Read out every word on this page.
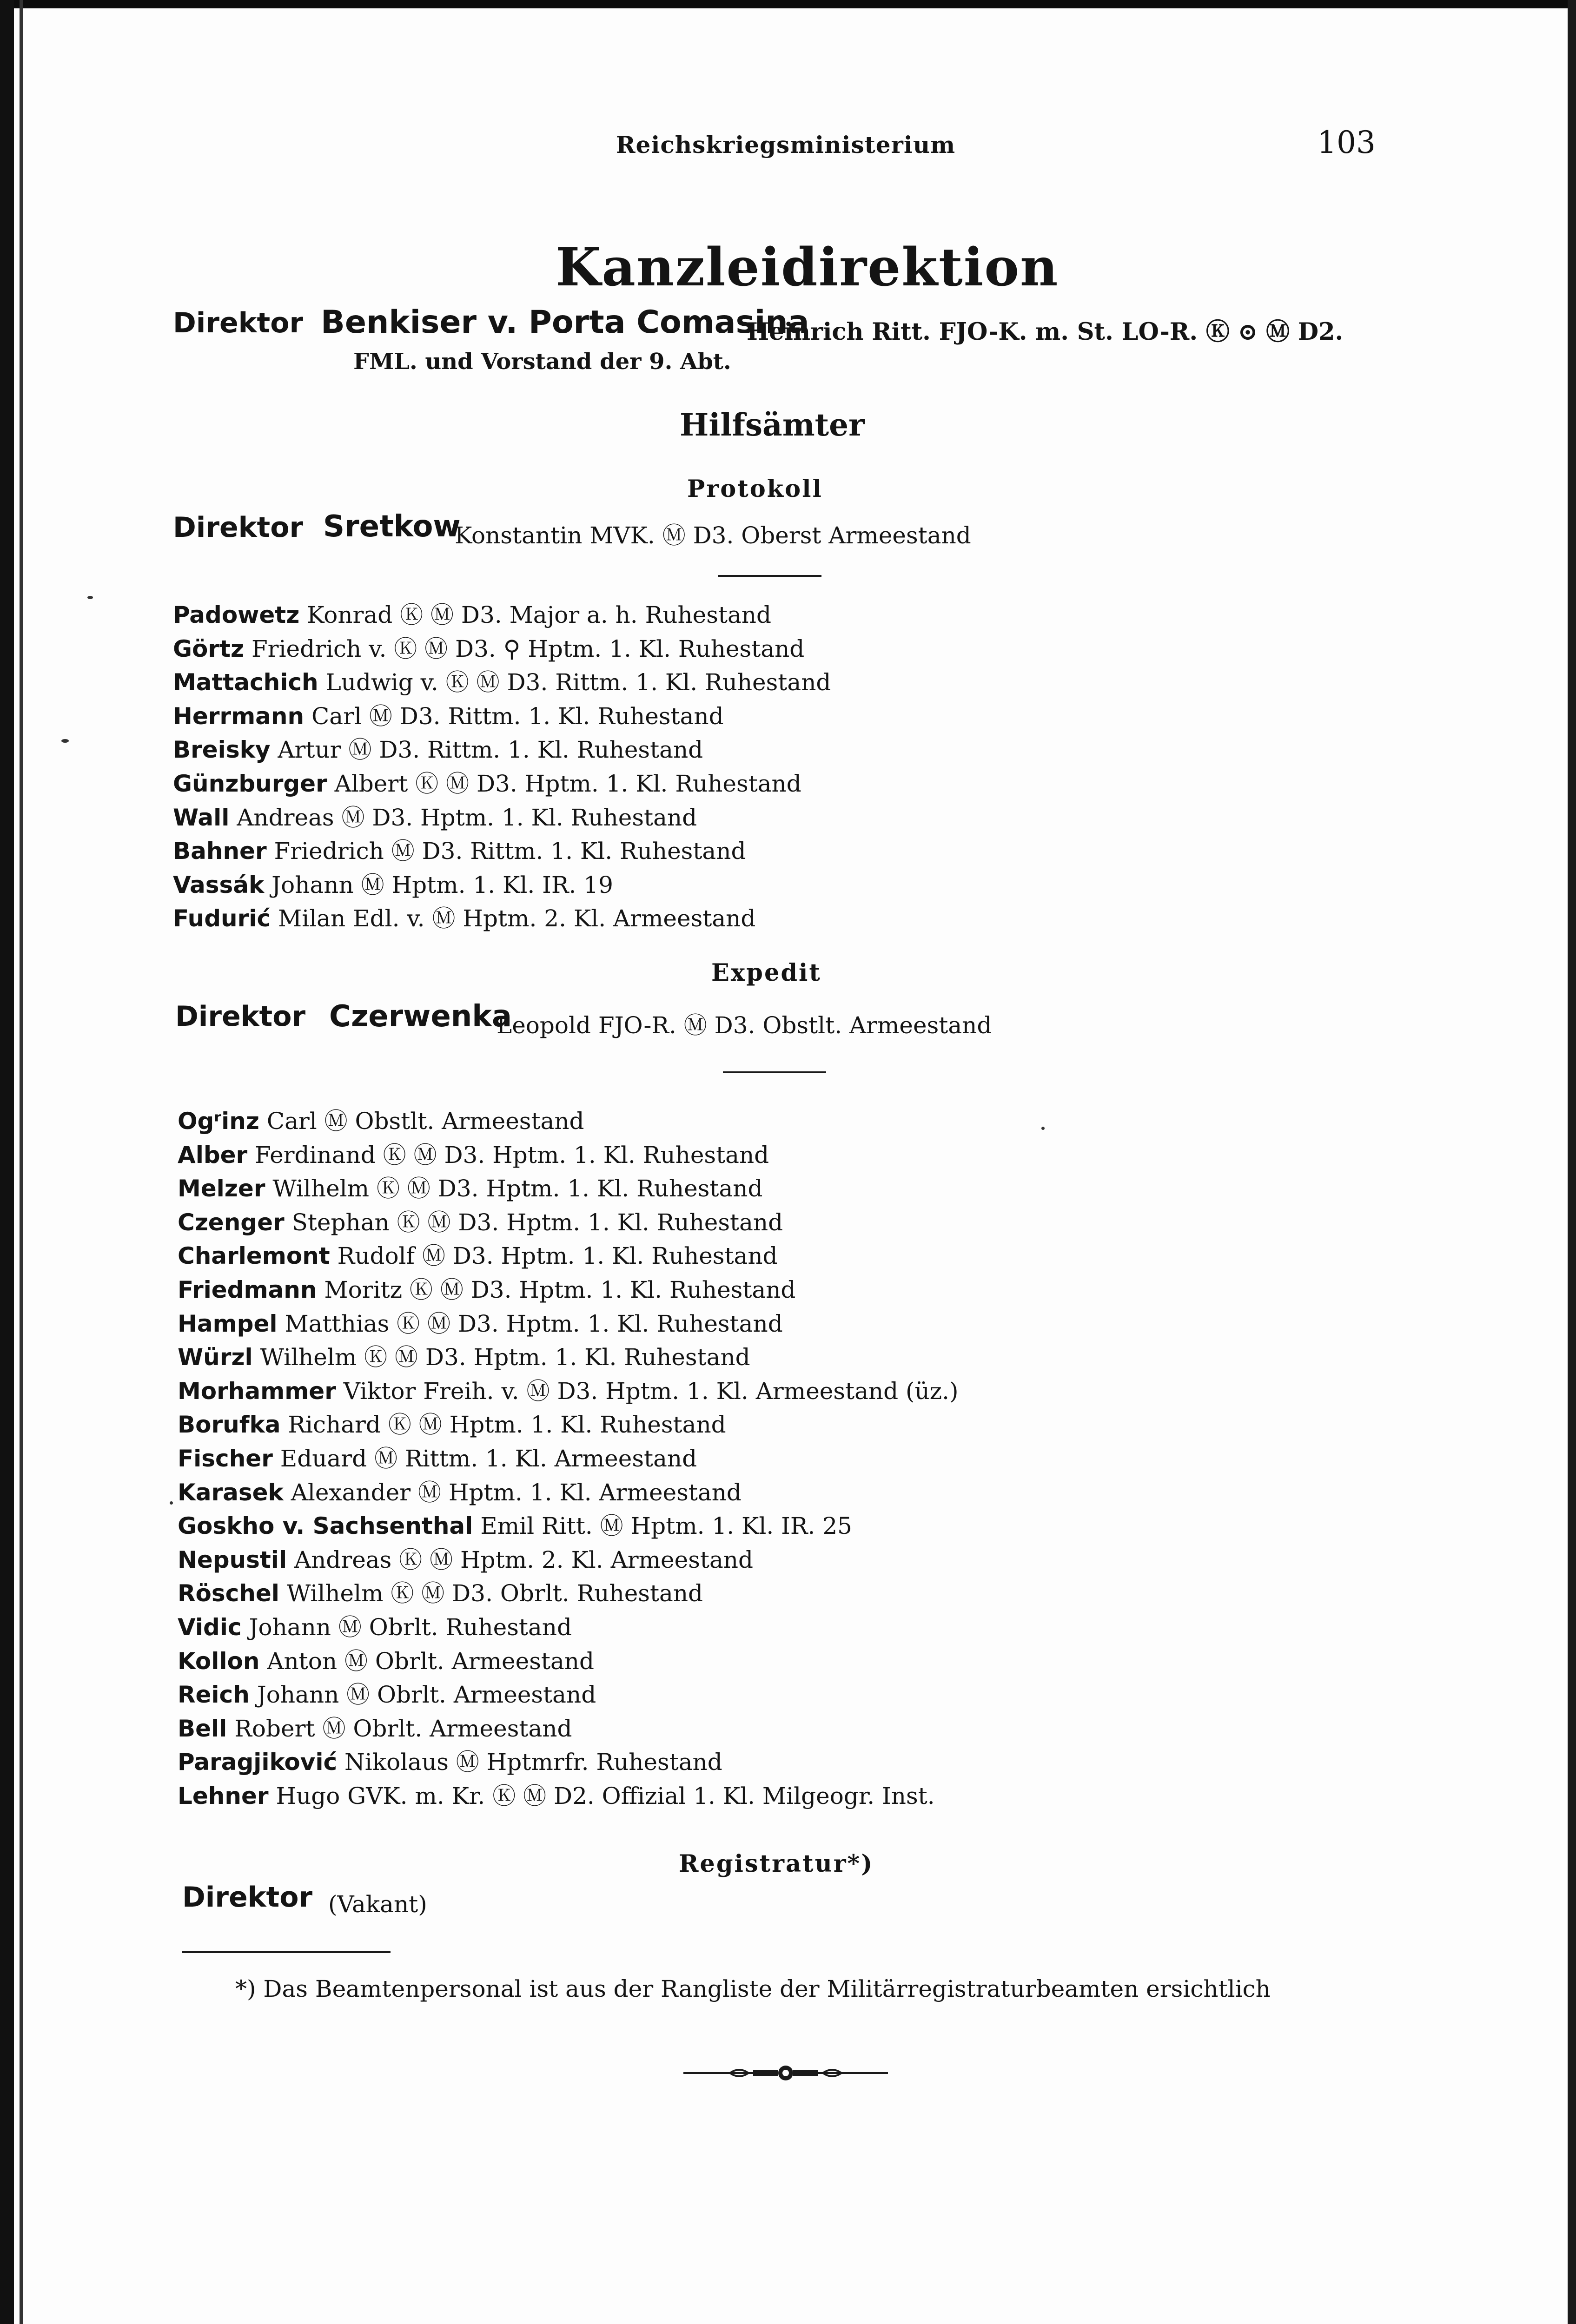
Reichskriegsministerium	103
Kanzleidirektion
Direktor Benkiser v. Porta Comasina
Heinrich Ritt. FJO-K. m. St. LO-R. Ⓚ ⊙ Ⓜ D2.
FML. und Vorstand der 9. Abt.
Hilfsämter
Protokoll
Direktor Sretkow
Konstantin MVK. Ⓜ D3. Oberst Armeestand
Padowetz Konrad Ⓚ Ⓜ D3. Major a. h. Ruhestand
Görtz Friedrich v. Ⓚ Ⓜ D3. ⚲ Hptm. 1. Kl. Ruhestand
Mattachich Ludwig v. Ⓚ Ⓜ D3. Rittm. 1. Kl. Ruhestand
Herrmann Carl Ⓜ D3. Rittm. 1. Kl. Ruhestand
Breisky Artur Ⓜ D3. Rittm. 1. Kl. Ruhestand
Günzburger Albert Ⓚ Ⓜ D3. Hptm. 1. Kl. Ruhestand
Wall Andreas Ⓜ D3. Hptm. 1. Kl. Ruhestand
Bahner Friedrich Ⓜ D3. Rittm. 1. Kl. Ruhestand
Vassák Johann Ⓜ Hptm. 1. Kl. IR. 19
Fudurić Milan Edl. v. Ⓜ Hptm. 2. Kl. Armeestand
Expedit
Direktor Czerwenka
Leopold FJO-R. Ⓜ D3. Obstlt. Armeestand
Ogʳinz Carl Ⓜ Obstlt. Armeestand
Alber Ferdinand Ⓚ Ⓜ D3. Hptm. 1. Kl. Ruhestand
Melzer Wilhelm Ⓚ Ⓜ D3. Hptm. 1. Kl. Ruhestand
Czenger Stephan Ⓚ Ⓜ D3. Hptm. 1. Kl. Ruhestand
Charlemont Rudolf Ⓜ D3. Hptm. 1. Kl. Ruhestand
Friedmann Moritz Ⓚ Ⓜ D3. Hptm. 1. Kl. Ruhestand
Hampel Matthias Ⓚ Ⓜ D3. Hptm. 1. Kl. Ruhestand
Würzl Wilhelm Ⓚ Ⓜ D3. Hptm. 1. Kl. Ruhestand
Morhammer Viktor Freih. v. Ⓜ D3. Hptm. 1. Kl. Armeestand (üz.)
Borufka Richard Ⓚ Ⓜ Hptm. 1. Kl. Ruhestand
Fischer Eduard Ⓜ Rittm. 1. Kl. Armeestand
Karasek Alexander Ⓜ Hptm. 1. Kl. Armeestand
Goskho v. Sachsenthal Emil Ritt. Ⓜ Hptm. 1. Kl. IR. 25
Nepustil Andreas Ⓚ Ⓜ Hptm. 2. Kl. Armeestand
Röschel Wilhelm Ⓚ Ⓜ D3. Obrlt. Ruhestand
Vidic Johann Ⓜ Obrlt. Ruhestand
Kollon Anton Ⓜ Obrlt. Armeestand
Reich Johann Ⓜ Obrlt. Armeestand
Bell Robert Ⓜ Obrlt. Armeestand
Paragjiković Nikolaus Ⓜ Hptmrfr. Ruhestand
Lehner Hugo GVK. m. Kr. Ⓚ Ⓜ D2. Offizial 1. Kl. Milgeogr. Inst.
Registratur*)
Direktor (Vakant)
*) Das Beamtenpersonal ist aus der Rangliste der Militärregistraturbeamten ersichtlich
